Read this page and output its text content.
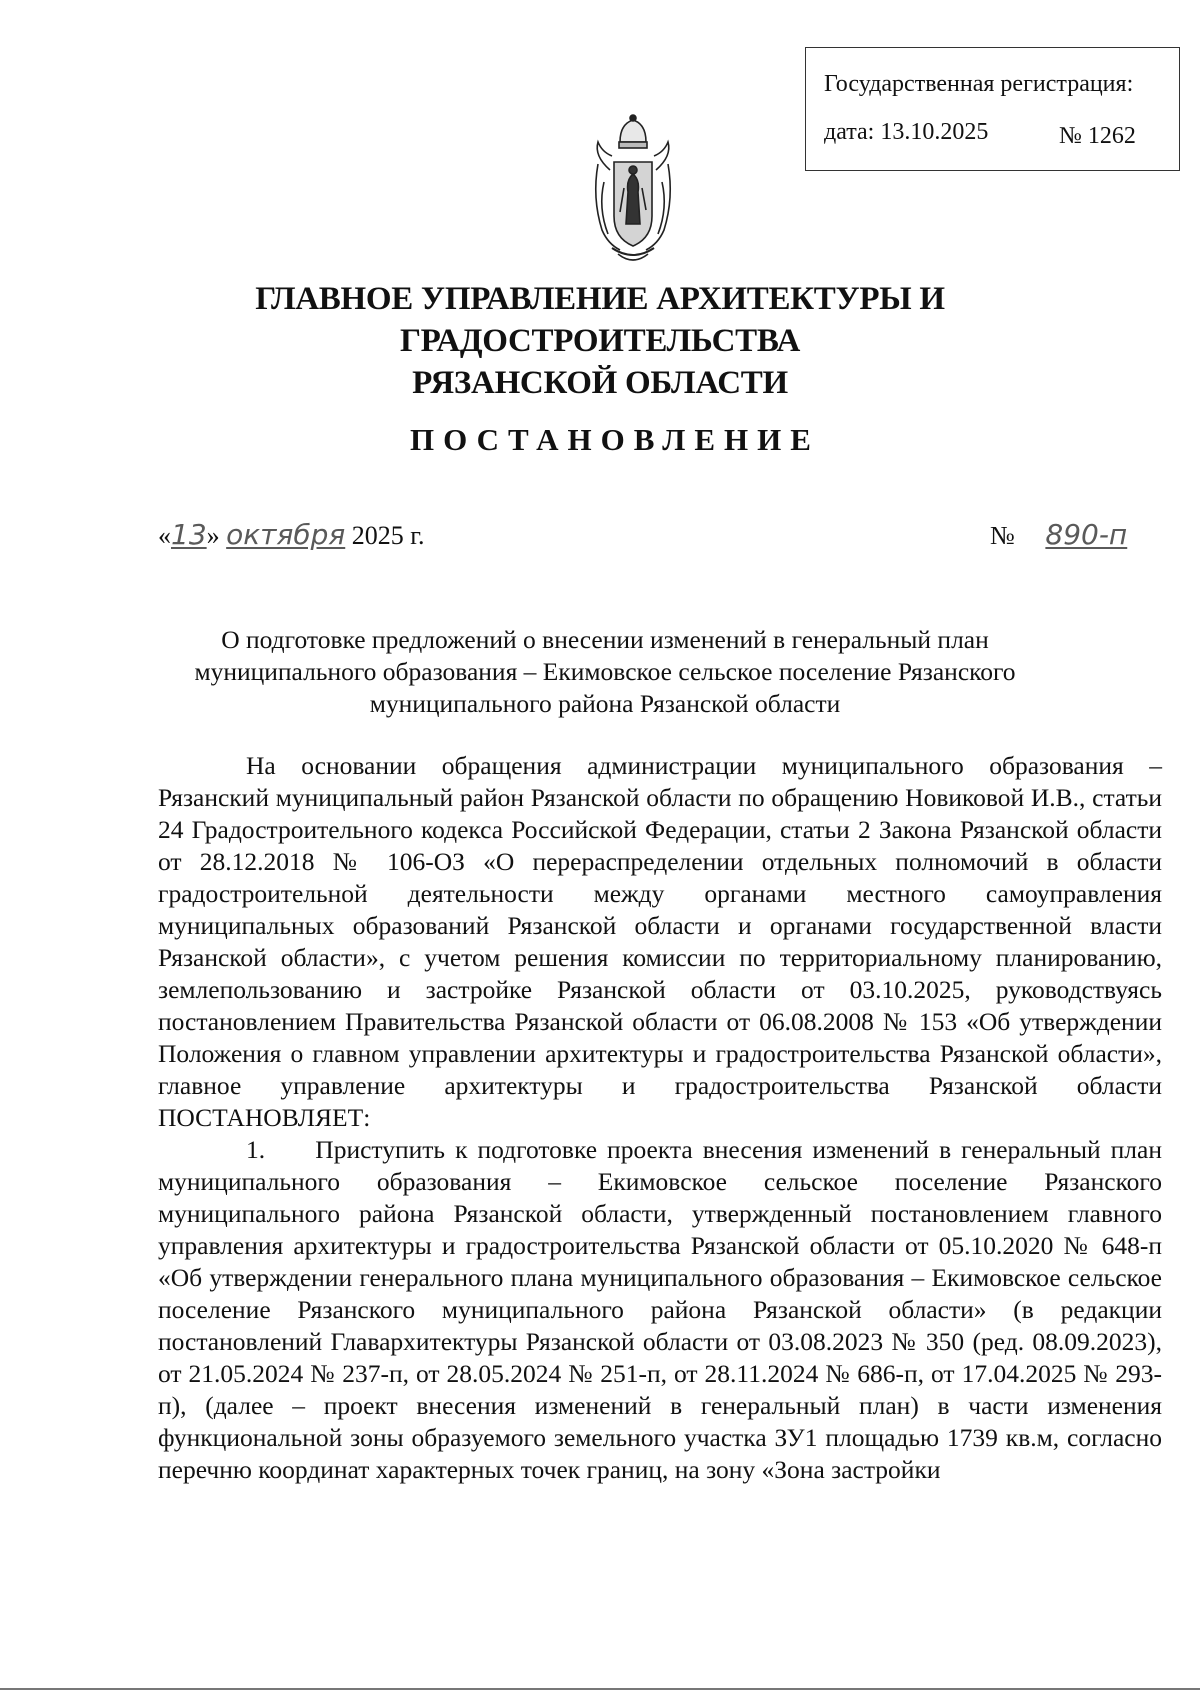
Государственная регистрация:
дата: 13.10.2025	№ 1262
ГЛАВНОЕ УПРАВЛЕНИЕ АРХИТЕКТУРЫ И ГРАДОСТРОИТЕЛЬСТВА
РЯЗАНСКОЙ ОБЛАСТИ
ПОСТАНОВЛЕНИЕ
«13» октября 2025 г.	№ 890-п
О подготовке предложений о внесении изменений в генеральный план
муниципального образования – Екимовское сельское поселение Рязанского
муниципального района Рязанской области

На основании обращения администрации муниципального образования – Рязанский муниципальный район Рязанской области по обращению Новиковой И.В., статьи 24 Градостроительного кодекса Российской Федерации, статьи 2 Закона Рязанской области от 28.12.2018 № 106-ОЗ «О перераспределении отдельных полномочий в области градостроительной деятельности между органами местного самоуправления муниципальных образований Рязанской области и органами государственной власти Рязанской области», с учетом решения комиссии по территориальному планированию, землепользованию и застройке Рязанской области от 03.10.2025, руководствуясь постановлением Правительства Рязанской области от 06.08.2008 № 153 «Об утверждении Положения о главном управлении архитектуры и градостроительства Рязанской области», главное управление архитектуры и градостроительства Рязанской области ПОСТАНОВЛЯЕТ:

1. Приступить к подготовке проекта внесения изменений в генеральный план муниципального образования – Екимовское сельское поселение Рязанского муниципального района Рязанской области, утвержденный постановлением главного управления архитектуры и градостроительства Рязанской области от 05.10.2020 № 648-п «Об утверждении генерального плана муниципального образования – Екимовское сельское поселение Рязанского муниципального района Рязанской области» (в редакции постановлений Главархитектуры Рязанской области от 03.08.2023 № 350 (ред. 08.09.2023), от 21.05.2024 № 237-п, от 28.05.2024 № 251-п, от 28.11.2024 № 686-п, от 17.04.2025 № 293-п), (далее – проект внесения изменений в генеральный план) в части изменения функциональной зоны образуемого земельного участка ЗУ1 площадью 1739 кв.м, согласно перечню координат характерных точек границ, на зону «Зона застройки
